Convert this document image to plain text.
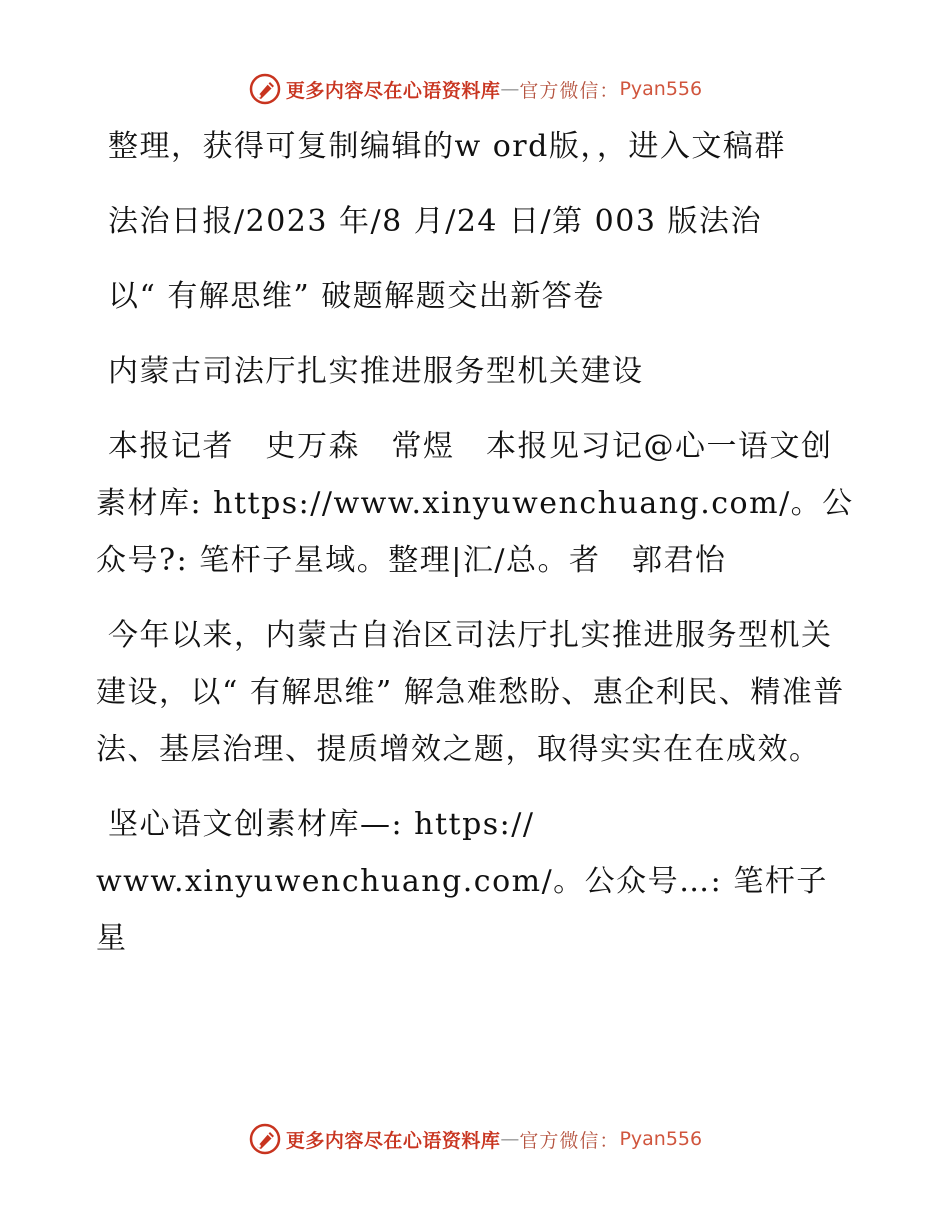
更多内容尽在心语资料库 — 官方微信： Pyan556

整理，获得可复制编辑的w ord版，，进入文稿群

法治日报/2023 年/8 月/24 日/第 003 版法治

以“ 有解思维” 破题解题交出新答卷

内蒙古司法厅扎实推进服务型机关建设

本报记者　史万森　常煜　本报见习记@心一语文创素材库: https://www.xinyuwenchuang.com/。公众号?: 笔杆子星域。整理|汇/总。者　郭君怡

今年以来，内蒙古自治区司法厅扎实推进服务型机关建设，以“ 有解思维” 解急难愁盼、惠企利民、精准普法、基层治理、提质增效之题，取得实实在在成效。

坚心语文创素材库—: https://

www.xinyuwenchuang.com/。公众号…: 笔杆子星

更多内容尽在心语资料库 — 官方微信： Pyan556
